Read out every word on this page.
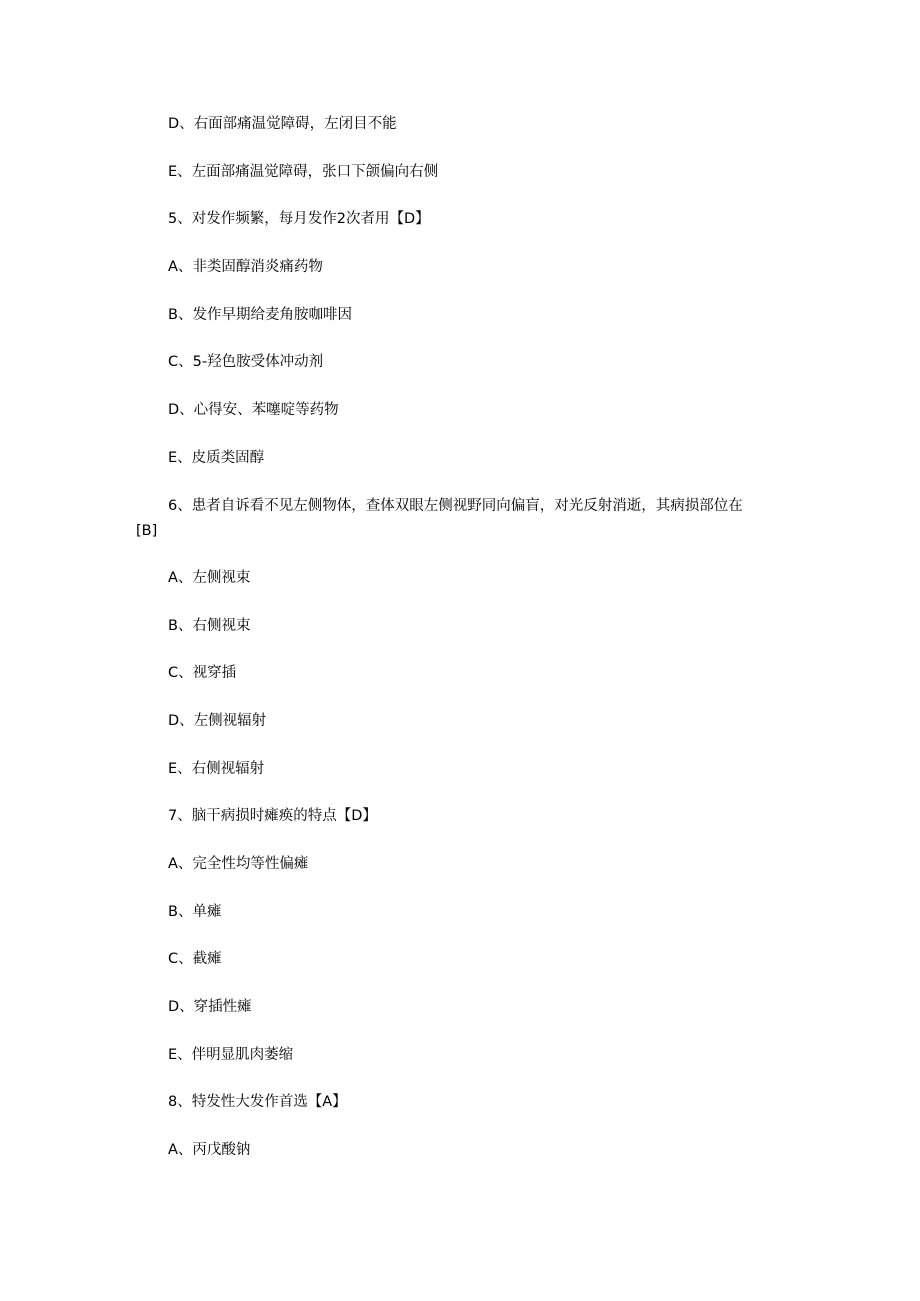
D、右面部痛温觉障碍，左闭目不能
E、左面部痛温觉障碍，张口下颌偏向右侧
5、对发作频繁，每月发作2次者用【D】
A、非类固醇消炎痛药物
B、发作早期给麦角胺咖啡因
C、5-羟色胺受体冲动剂
D、心得安、苯噻啶等药物
E、皮质类固醇
6、患者自诉看不见左侧物体，查体双眼左侧视野同向偏盲，对光反射消逝，其病损部位在
[B]
A、左侧视束
B、右侧视束
C、视穿插
D、左侧视辐射
E、右侧视辐射
7、脑干病损时瘫痪的特点【D】
A、完全性均等性偏瘫
B、单瘫
C、截瘫
D、穿插性瘫
E、伴明显肌肉萎缩
8、特发性大发作首选【A】
A、丙戊酸钠
